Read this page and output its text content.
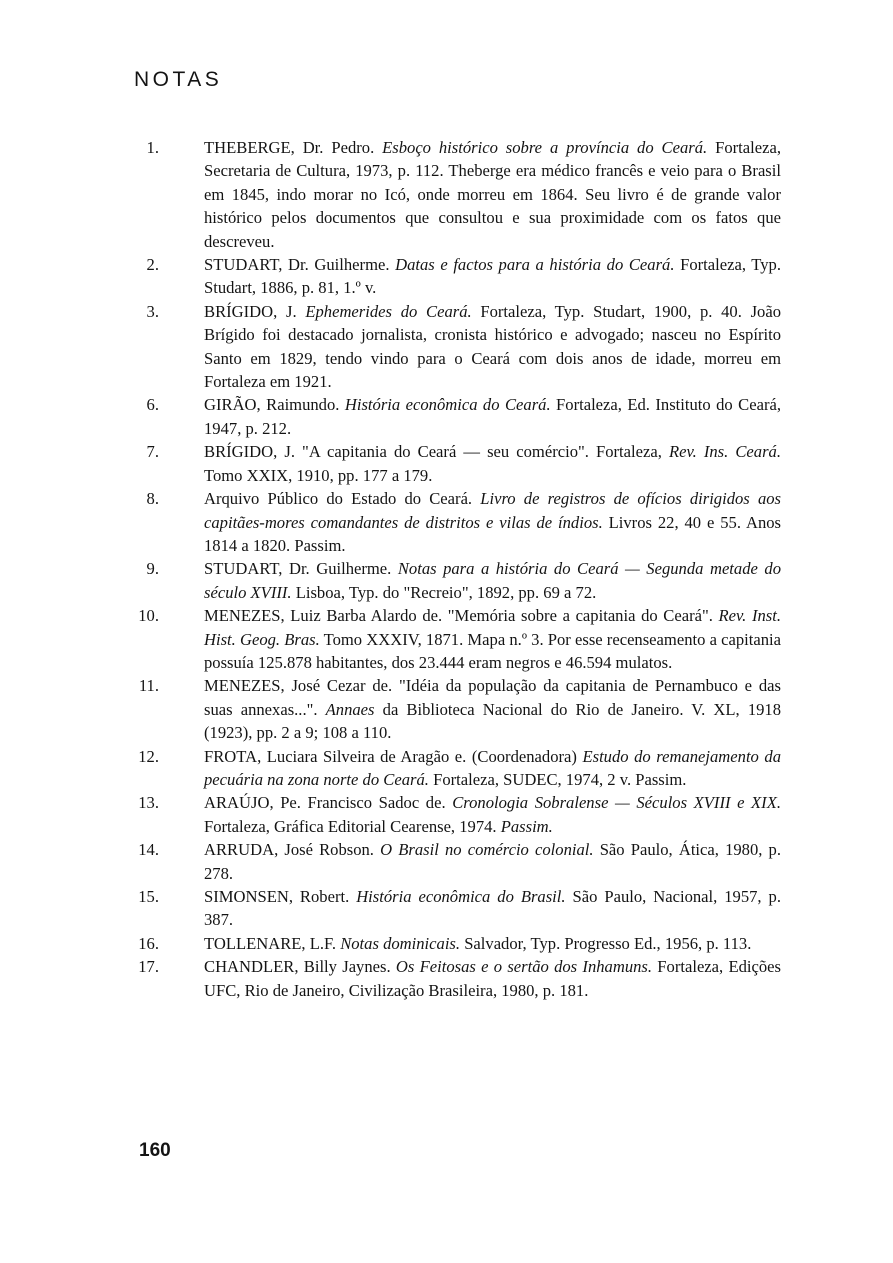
NOTAS
1.	THEBERGE, Dr. Pedro. Esboço histórico sobre a província do Ceará. Fortaleza, Secretaria de Cultura, 1973, p. 112. Theberge era médico francês e veio para o Brasil em 1845, indo morar no Icó, onde morreu em 1864. Seu livro é de grande valor histórico pelos documentos que consultou e sua proximidade com os fatos que descreveu.
2.	STUDART, Dr. Guilherme. Datas e factos para a história do Ceará. Fortaleza, Typ. Studart, 1886, p. 81, 1.º v.
3.	BRÍGIDO, J. Ephemerides do Ceará. Fortaleza, Typ. Studart, 1900, p. 40. João Brígido foi destacado jornalista, cronista histórico e advogado; nasceu no Espírito Santo em 1829, tendo vindo para o Ceará com dois anos de idade, morreu em Fortaleza em 1921.
6.	GIRÃO, Raimundo. História econômica do Ceará. Fortaleza, Ed. Instituto do Ceará, 1947, p. 212.
7.	BRÍGIDO, J. "A capitania do Ceará — seu comércio". Fortaleza, Rev. Ins. Ceará. Tomo XXIX, 1910, pp. 177 a 179.
8.	Arquivo Público do Estado do Ceará. Livro de registros de ofícios dirigidos aos capitães-mores comandantes de distritos e vilas de índios. Livros 22, 40 e 55. Anos 1814 a 1820. Passim.
9.	STUDART, Dr. Guilherme. Notas para a história do Ceará — Segunda metade do século XVIII. Lisboa, Typ. do "Recreio", 1892, pp. 69 a 72.
10.	MENEZES, Luiz Barba Alardo de. "Memória sobre a capitania do Ceará". Rev. Inst. Hist. Geog. Bras. Tomo XXXIV, 1871. Mapa n.º 3. Por esse recenseamento a capitania possuía 125.878 habitantes, dos 23.444 eram negros e 46.594 mulatos.
11.	MENEZES, José Cezar de. "Idéia da população da capitania de Pernambuco e das suas annexas...". Annaes da Biblioteca Nacional do Rio de Janeiro. V. XL, 1918 (1923), pp. 2 a 9; 108 a 110.
12.	FROTA, Luciara Silveira de Aragão e. (Coordenadora) Estudo do remanejamento da pecuária na zona norte do Ceará. Fortaleza, SUDEC, 1974, 2 v. Passim.
13.	ARAÚJO, Pe. Francisco Sadoc de. Cronologia Sobralense — Séculos XVIII e XIX. Fortaleza, Gráfica Editorial Cearense, 1974. Passim.
14.	ARRUDA, José Robson. O Brasil no comércio colonial. São Paulo, Ática, 1980, p. 278.
15.	SIMONSEN, Robert. História econômica do Brasil. São Paulo, Nacional, 1957, p. 387.
16.	TOLLENARE, L.F. Notas dominicais. Salvador, Typ. Progresso Ed., 1956, p. 113.
17.	CHANDLER, Billy Jaynes. Os Feitosas e o sertão dos Inhamuns. Fortaleza, Edições UFC, Rio de Janeiro, Civilização Brasileira, 1980, p. 181.
160
